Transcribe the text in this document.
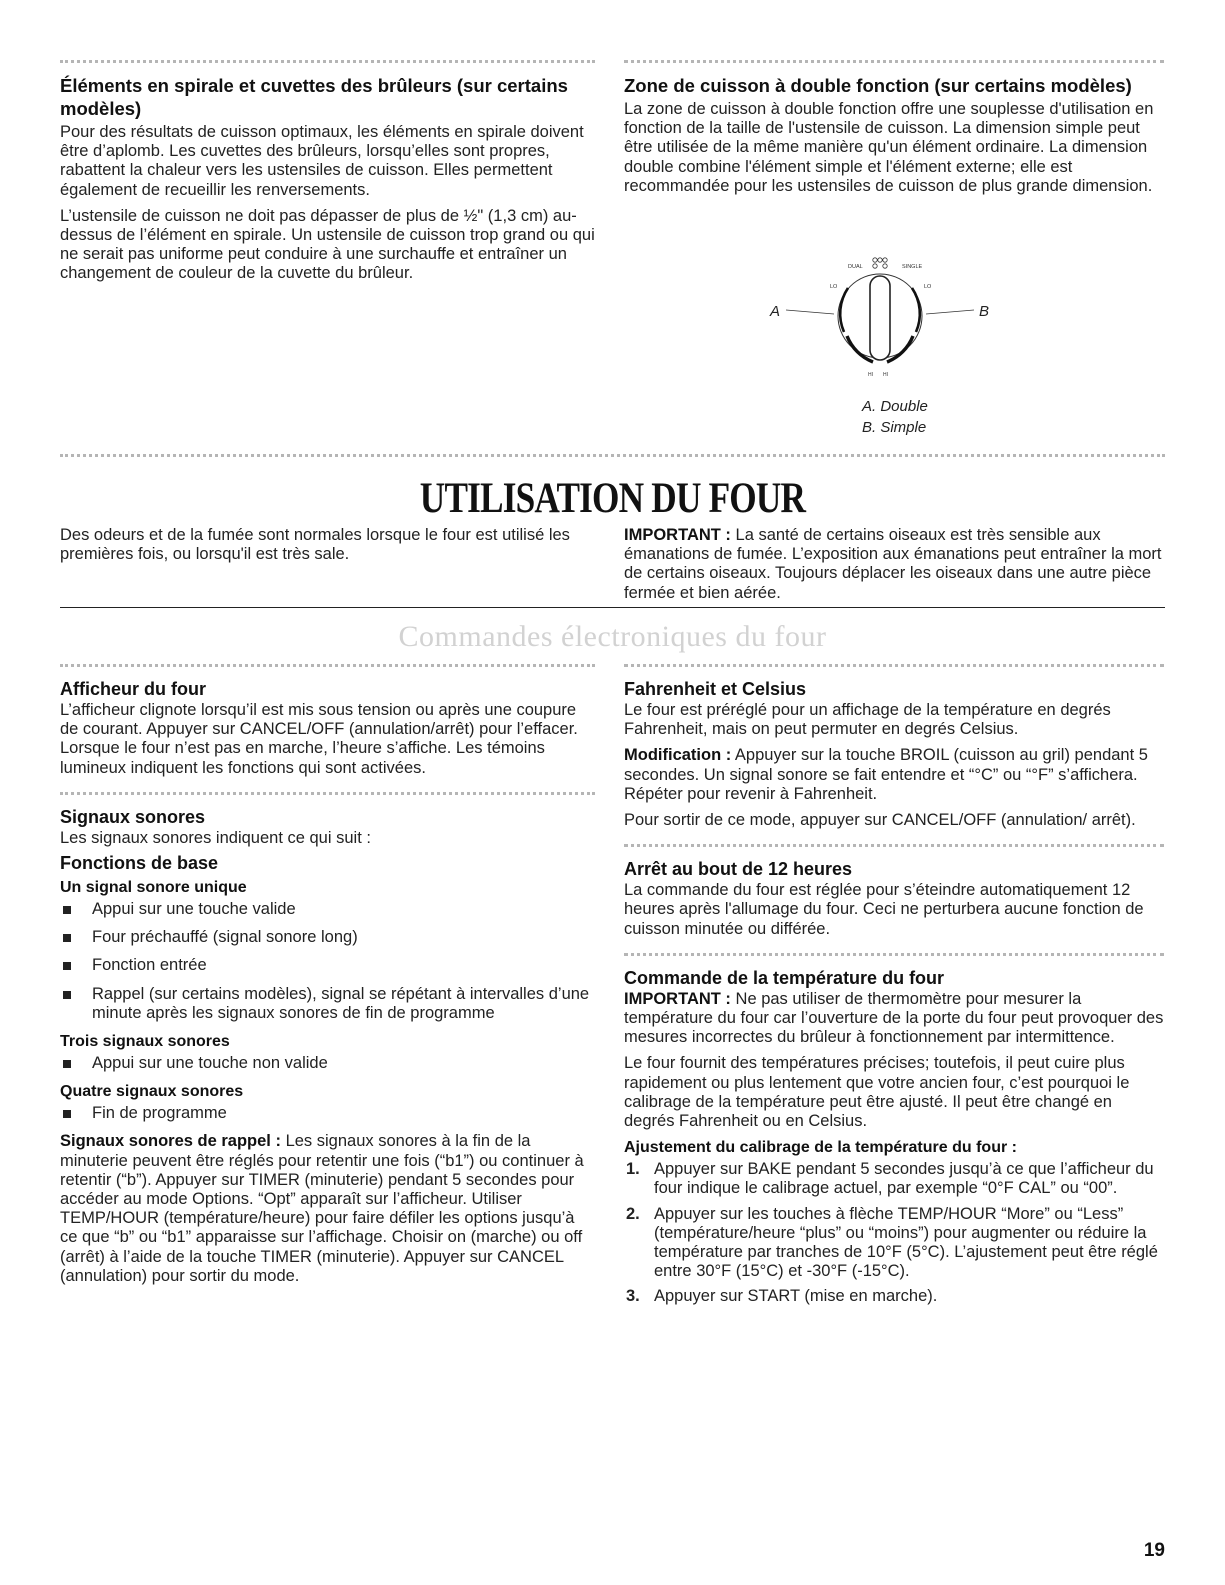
Éléments en spirale et cuvettes des brûleurs (sur certains modèles)

Pour des résultats de cuisson optimaux, les éléments en spirale doivent être d’aplomb. Les cuvettes des brûleurs, lorsqu’elles sont propres, rabattent la chaleur vers les ustensiles de cuisson. Elles permettent également de recueillir les renversements.

L’ustensile de cuisson ne doit pas dépasser de plus de ½" (1,3 cm) au-dessus de l’élément en spirale. Un ustensile de cuisson trop grand ou qui ne serait pas uniforme peut conduire à une surchauffe et entraîner un changement de couleur de la cuvette du brûleur.

Zone de cuisson à double fonction (sur certains modèles)

La zone de cuisson à double fonction offre une souplesse d'utilisation en fonction de la taille de l'ustensile de cuisson. La dimension simple peut être utilisée de la même manière qu'un élément ordinaire. La dimension double combine l'élément simple et l'élément externe; elle est recommandée pour les ustensiles de cuisson de plus grande dimension.

DUAL	SINGLE
LO	LO
HI HI
A	B
A. Double
B. Simple
UTILISATION DU FOUR

Des odeurs et de la fumée sont normales lorsque le four est utilisé les premières fois, ou lorsqu'il est très sale.

IMPORTANT : La santé de certains oiseaux est très sensible aux émanations de fumée. L’exposition aux émanations peut entraîner la mort de certains oiseaux. Toujours déplacer les oiseaux dans une autre pièce fermée et bien aérée.

Commandes électroniques du four
Afficheur du four

L’afficheur clignote lorsqu’il est mis sous tension ou après une coupure de courant. Appuyer sur CANCEL/OFF (annulation/arrêt) pour l’effacer. Lorsque le four n’est pas en marche, l’heure s’affiche. Les témoins lumineux indiquent les fonctions qui sont activées.

Signaux sonores

Les signaux sonores indiquent ce qui suit :

Fonctions de base
Un signal sonore unique
Appui sur une touche valide
Four préchauffé (signal sonore long)
Fonction entrée
Rappel (sur certains modèles), signal se répétant à intervalles d’une minute après les signaux sonores de fin de programme
Trois signaux sonores
Appui sur une touche non valide
Quatre signaux sonores
Fin de programme

Signaux sonores de rappel : Les signaux sonores à la fin de la minuterie peuvent être réglés pour retentir une fois (“b1”) ou continuer à retentir (“b”). Appuyer sur TIMER (minuterie) pendant 5 secondes pour accéder au mode Options. “Opt” apparaît sur l’afficheur. Utiliser TEMP/HOUR (température/heure) pour faire défiler les options jusqu’à ce que “b” ou “b1” apparaisse sur l’affichage. Choisir on (marche) ou off (arrêt) à l’aide de la touche TIMER (minuterie). Appuyer sur CANCEL (annulation) pour sortir du mode.

Fahrenheit et Celsius

Le four est préréglé pour un affichage de la température en degrés Fahrenheit, mais on peut permuter en degrés Celsius.

Modification : Appuyer sur la touche BROIL (cuisson au gril) pendant 5 secondes. Un signal sonore se fait entendre et “°C” ou “°F” s’affichera. Répéter pour revenir à Fahrenheit.

Pour sortir de ce mode, appuyer sur CANCEL/OFF (annulation/ arrêt).

Arrêt au bout de 12 heures

La commande du four est réglée pour s’éteindre automatiquement 12 heures après l'allumage du four. Ceci ne perturbera aucune fonction de cuisson minutée ou différée.

Commande de la température du four

IMPORTANT : Ne pas utiliser de thermomètre pour mesurer la température du four car l’ouverture de la porte du four peut provoquer des mesures incorrectes du brûleur à fonctionnement par intermittence.

Le four fournit des températures précises; toutefois, il peut cuire plus rapidement ou plus lentement que votre ancien four, c’est pourquoi le calibrage de la température peut être ajusté. Il peut être changé en degrés Fahrenheit ou en Celsius.

Ajustement du calibrage de la température du four :
1. Appuyer sur BAKE pendant 5 secondes jusqu’à ce que l’afficheur du four indique le calibrage actuel, par exemple “0°F CAL” ou “00”.
2. Appuyer sur les touches à flèche TEMP/HOUR “More” ou “Less” (température/heure “plus” ou “moins”) pour augmenter ou réduire la température par tranches de 10°F (5°C). L’ajustement peut être réglé entre 30°F (15°C) et -30°F (-15°C).
3. Appuyer sur START (mise en marche).
19
